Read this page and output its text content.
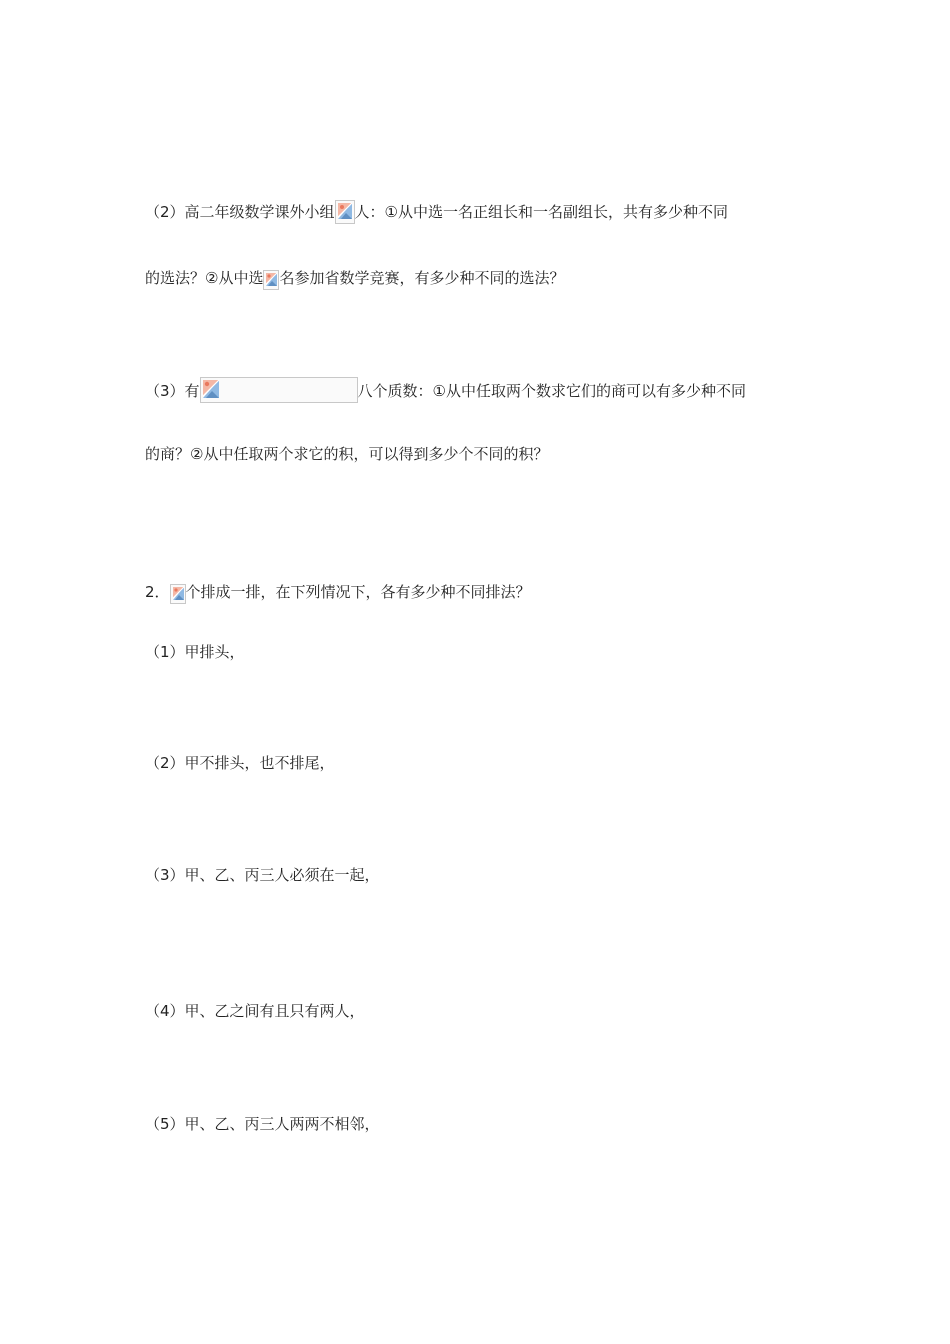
（2）高二年级数学课外小组 人：①从中选一名正组长和一名副组长，共有多少种不同
的选法？②从中选 名参加省数学竞赛，有多少种不同的选法？
（3）有	八个质数：①从中任取两个数求它们的商可以有多少种不同
的商？②从中任取两个求它的积，可以得到多少个不同的积？
2． 个排成一排，在下列情况下，各有多少种不同排法？
（1）甲排头，
（2）甲不排头，也不排尾，
（3）甲、乙、丙三人必须在一起，
（4）甲、乙之间有且只有两人，
（5）甲、乙、丙三人两两不相邻，
